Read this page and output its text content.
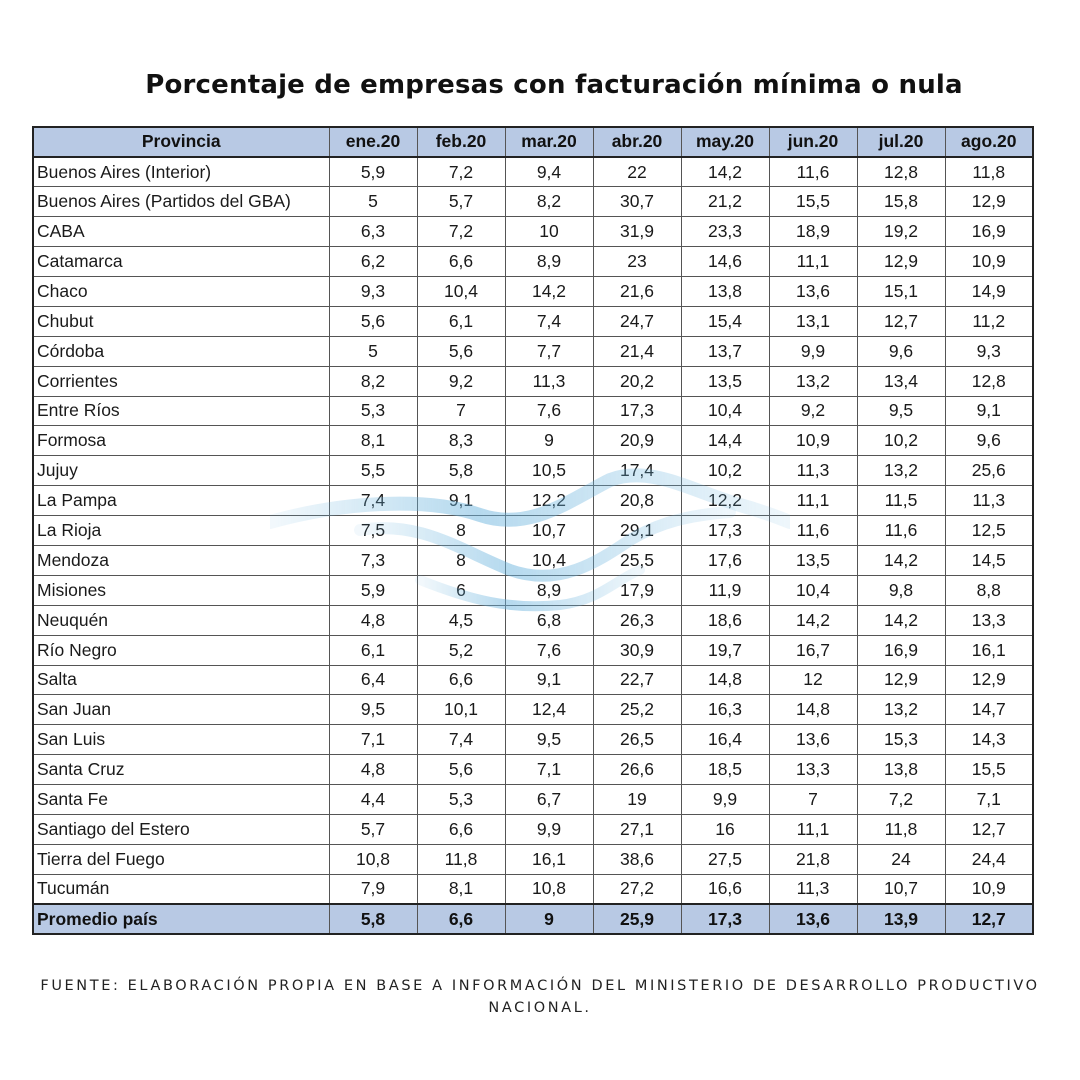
Porcentaje de empresas con facturación mínima o nula
Provincia	ene.20	feb.20	mar.20	abr.20	may.20	jun.20	jul.20	ago.20
Buenos Aires (Interior)	5,9	7,2	9,4	22	14,2	11,6	12,8	11,8
Buenos Aires (Partidos del GBA)	5	5,7	8,2	30,7	21,2	15,5	15,8	12,9
CABA	6,3	7,2	10	31,9	23,3	18,9	19,2	16,9
Catamarca	6,2	6,6	8,9	23	14,6	11,1	12,9	10,9
Chaco	9,3	10,4	14,2	21,6	13,8	13,6	15,1	14,9
Chubut	5,6	6,1	7,4	24,7	15,4	13,1	12,7	11,2
Córdoba	5	5,6	7,7	21,4	13,7	9,9	9,6	9,3
Corrientes	8,2	9,2	11,3	20,2	13,5	13,2	13,4	12,8
Entre Ríos	5,3	7	7,6	17,3	10,4	9,2	9,5	9,1
Formosa	8,1	8,3	9	20,9	14,4	10,9	10,2	9,6
Jujuy	5,5	5,8	10,5	17,4	10,2	11,3	13,2	25,6
La Pampa	7,4	9,1	12,2	20,8	12,2	11,1	11,5	11,3
La Rioja	7,5	8	10,7	29,1	17,3	11,6	11,6	12,5
Mendoza	7,3	8	10,4	25,5	17,6	13,5	14,2	14,5
Misiones	5,9	6	8,9	17,9	11,9	10,4	9,8	8,8
Neuquén	4,8	4,5	6,8	26,3	18,6	14,2	14,2	13,3
Río Negro	6,1	5,2	7,6	30,9	19,7	16,7	16,9	16,1
Salta	6,4	6,6	9,1	22,7	14,8	12	12,9	12,9
San Juan	9,5	10,1	12,4	25,2	16,3	14,8	13,2	14,7
San Luis	7,1	7,4	9,5	26,5	16,4	13,6	15,3	14,3
Santa Cruz	4,8	5,6	7,1	26,6	18,5	13,3	13,8	15,5
Santa Fe	4,4	5,3	6,7	19	9,9	7	7,2	7,1
Santiago del Estero	5,7	6,6	9,9	27,1	16	11,1	11,8	12,7
Tierra del Fuego	10,8	11,8	16,1	38,6	27,5	21,8	24	24,4
Tucumán	7,9	8,1	10,8	27,2	16,6	11,3	10,7	10,9
Promedio país	5,8	6,6	9	25,9	17,3	13,6	13,9	12,7
FUENTE: ELABORACIÓN PROPIA EN BASE A INFORMACIÓN DEL MINISTERIO DE DESARROLLO PRODUCTIVO NACIONAL.
